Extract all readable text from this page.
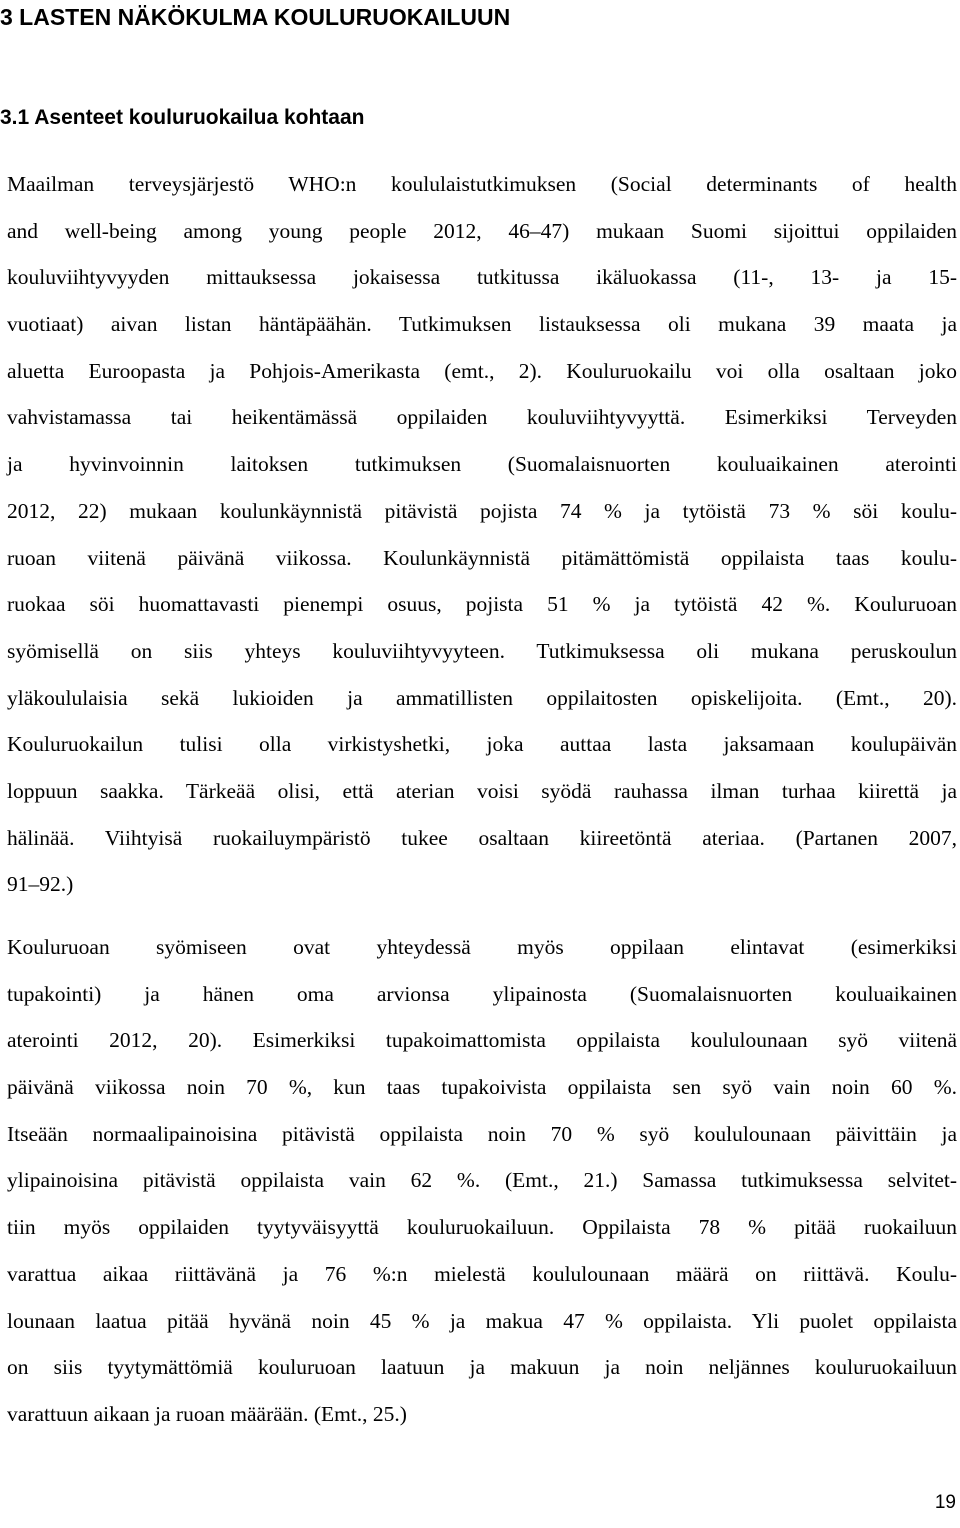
3 LASTEN NÄKÖKULMA KOULURUOKAILUUN
3.1 Asenteet kouluruokailua kohtaan
Maailman terveysjärjestö WHO:n koululaistutkimuksen (Social determinants of health
and well-being among young people 2012, 46–47) mukaan Suomi sijoittui oppilaiden
kouluviihtyvyyden mittauksessa jokaisessa tutkitussa ikäluokassa (11-, 13- ja 15-
vuotiaat) aivan listan häntäpäähän. Tutkimuksen listauksessa oli mukana 39 maata ja
aluetta Euroopasta ja Pohjois-Amerikasta (emt., 2). Kouluruokailu voi olla osaltaan joko
vahvistamassa tai heikentämässä oppilaiden kouluviihtyvyyttä. Esimerkiksi Terveyden
ja hyvinvoinnin laitoksen tutkimuksen (Suomalaisnuorten kouluaikainen aterointi
2012, 22) mukaan koulunkäynnistä pitävistä pojista 74 % ja tytöistä 73 % söi koulu-
ruoan viitenä päivänä viikossa. Koulunkäynnistä pitämättömistä oppilaista taas koulu-
ruokaa söi huomattavasti pienempi osuus, pojista 51 % ja tytöistä 42 %. Kouluruoan
syömisellä on siis yhteys kouluviihtyvyyteen. Tutkimuksessa oli mukana peruskoulun
yläkoululaisia sekä lukioiden ja ammatillisten oppilaitosten opiskelijoita. (Emt., 20).
Kouluruokailun tulisi olla virkistyshetki, joka auttaa lasta jaksamaan koulupäivän
loppuun saakka. Tärkeää olisi, että aterian voisi syödä rauhassa ilman turhaa kiirettä ja
hälinää. Viihtyisä ruokailuympäristö tukee osaltaan kiireetöntä ateriaa. (Partanen 2007,
91–92.)
Kouluruoan syömiseen ovat yhteydessä myös oppilaan elintavat (esimerkiksi
tupakointi) ja hänen oma arvionsa ylipainosta (Suomalaisnuorten kouluaikainen
aterointi 2012, 20). Esimerkiksi tupakoimattomista oppilaista koululounaan syö viitenä
päivänä viikossa noin 70 %, kun taas tupakoivista oppilaista sen syö vain noin 60 %.
Itseään normaalipainoisina pitävistä oppilaista noin 70 % syö koululounaan päivittäin ja
ylipainoisina pitävistä oppilaista vain 62 %. (Emt., 21.) Samassa tutkimuksessa selvitet-
tiin myös oppilaiden tyytyväisyyttä kouluruokailuun. Oppilaista 78 % pitää ruokailuun
varattua aikaa riittävänä ja 76 %:n mielestä koululounaan määrä on riittävä. Koulu-
lounaan laatua pitää hyvänä noin 45 % ja makua 47 % oppilaista. Yli puolet oppilaista
on siis tyytymättömiä kouluruoan laatuun ja makuun ja noin neljännes kouluruokailuun
varattuun aikaan ja ruoan määrään. (Emt., 25.)
19
